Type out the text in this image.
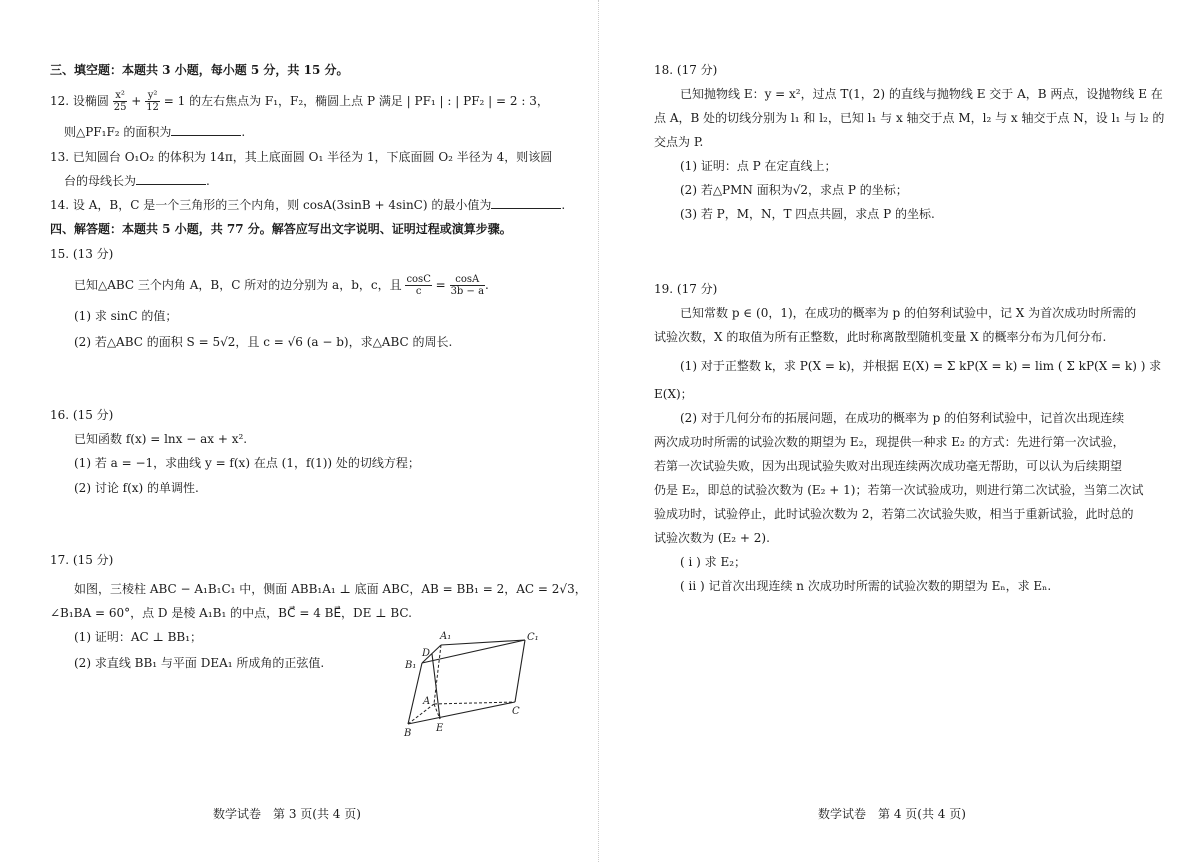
三、填空题：本题共 3 小题，每小题 5 分，共 15 分。
12. 设椭圆 $\frac{\text{x²}}{25} + \frac{\text{y²}}{12} = 1$ 的左右焦点为 F₁，F₂，椭圆上点 P 满足 | PF₁ | : | PF₂ | = 2 : 3，
则△PF₁F₂ 的面积为	.
13. 已知圆台 O₁O₂ 的体积为 14π，其上底面圆 O₁ 半径为 1，下底面圆 O₂ 半径为 4，则该圆
台的母线长为	.
14. 设 A，B，C 是一个三角形的三个内角，则 cosA(3sinB + 4sinC) 的最小值为	.
四、解答题：本题共 5 小题，共 77 分。解答应写出文字说明、证明过程或演算步骤。
15. (13 分)
已知△ABC 三个内角 A，B，C 所对的边分别为 a，b，c，且 $\frac{\cos C}{c} = \frac{\cos A}{3b - a}$ .
(1) 求 sinC 的值；
(2) 若△ABC 的面积 S = 5√2，且 c = √6 (a − b)，求△ABC 的周长.
16. (15 分)
已知函数 f(x) = lnx − ax + x².
(1) 若 a = −1，求曲线 y = f(x) 在点 (1，f(1)) 处的切线方程；
(2) 讨论 f(x) 的单调性.
17. (15 分)
如图，三棱柱 ABC − A₁B₁C₁ 中，侧面 ABB₁A₁ ⊥ 底面 ABC，AB = BB₁ = 2，AC = 2√3，
∠B₁BA = 60°，点 D 是棱 A₁B₁ 的中点，BC⃗ = 4 BE⃗，DE ⊥ BC.
(1) 证明：AC ⊥ BB₁；
(2) 求直线 BB₁ 与平面 DEA₁ 所成角的正弦值.
A₁	C₁
D
B₁
A
C
B E
数学试卷　第 3 页(共 4 页)
18. (17 分)
已知抛物线 E：y = x²，过点 T(1，2) 的直线与抛物线 E 交于 A，B 两点，设抛物线 E 在
点 A，B 处的切线分别为 l₁ 和 l₂，已知 l₁ 与 x 轴交于点 M，l₂ 与 x 轴交于点 N，设 l₁ 与 l₂ 的
交点为 P.
(1) 证明：点 P 在定直线上；
(2) 若△PMN 面积为√2，求点 P 的坐标；
(3) 若 P，M，N，T 四点共圆，求点 P 的坐标.
19. (17 分)
已知常数 p ∈ (0，1)，在成功的概率为 p 的伯努利试验中，记 X 为首次成功时所需的
试验次数，X 的取值为所有正整数，此时称离散型随机变量 X 的概率分布为几何分布.
(1) 对于正整数 k，求 P(X = k)，并根据 E(X) = Σ kP(X = k) = lim ( Σ kP(X = k) ) 求
E(X)；
(2) 对于几何分布的拓展问题，在成功的概率为 p 的伯努利试验中，记首次出现连续
两次成功时所需的试验次数的期望为 E₂，现提供一种求 E₂ 的方式：先进行第一次试验，
若第一次试验失败，因为出现试验失败对出现连续两次成功毫无帮助，可以认为后续期望
仍是 E₂，即总的试验次数为 (E₂ + 1)；若第一次试验成功，则进行第二次试验，当第二次试
验成功时，试验停止，此时试验次数为 2，若第二次试验失败，相当于重新试验，此时总的
试验次数为 (E₂ + 2).
( i ) 求 E₂；
( ii ) 记首次出现连续 n 次成功时所需的试验次数的期望为 Eₙ，求 Eₙ.
数学试卷　第 4 页(共 4 页)
